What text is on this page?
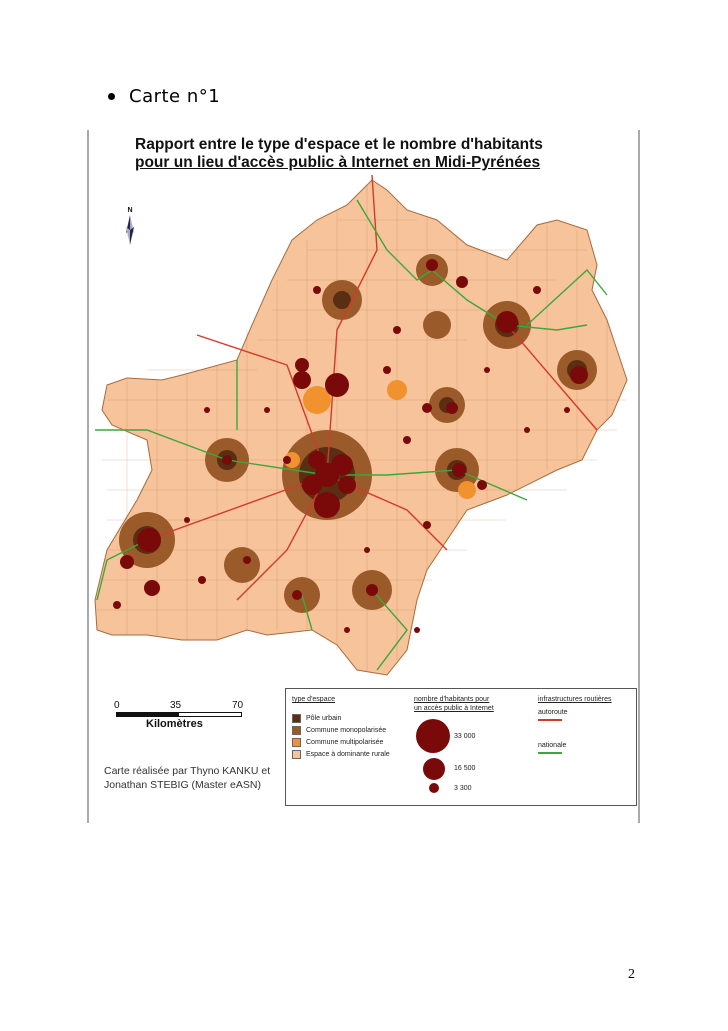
Carte n°1
N
Rapport entre le type d'espace et le nombre d'habitants
pour un lieu d'accès public à Internet en Midi-Pyrénées
0	35	70
Kilomètres
Carte réalisée par Thyno KANKU et
Jonathan STEBIG (Master eASN)
type d'espace
Pôle urbain
Commune monopolarisée
Commune multipolarisée
Espace à dominante rurale
nombre d'habitants pour
un accès public à Internet
33 000
16 500
3 300
infrastructures routières
autoroute
nationale
2
